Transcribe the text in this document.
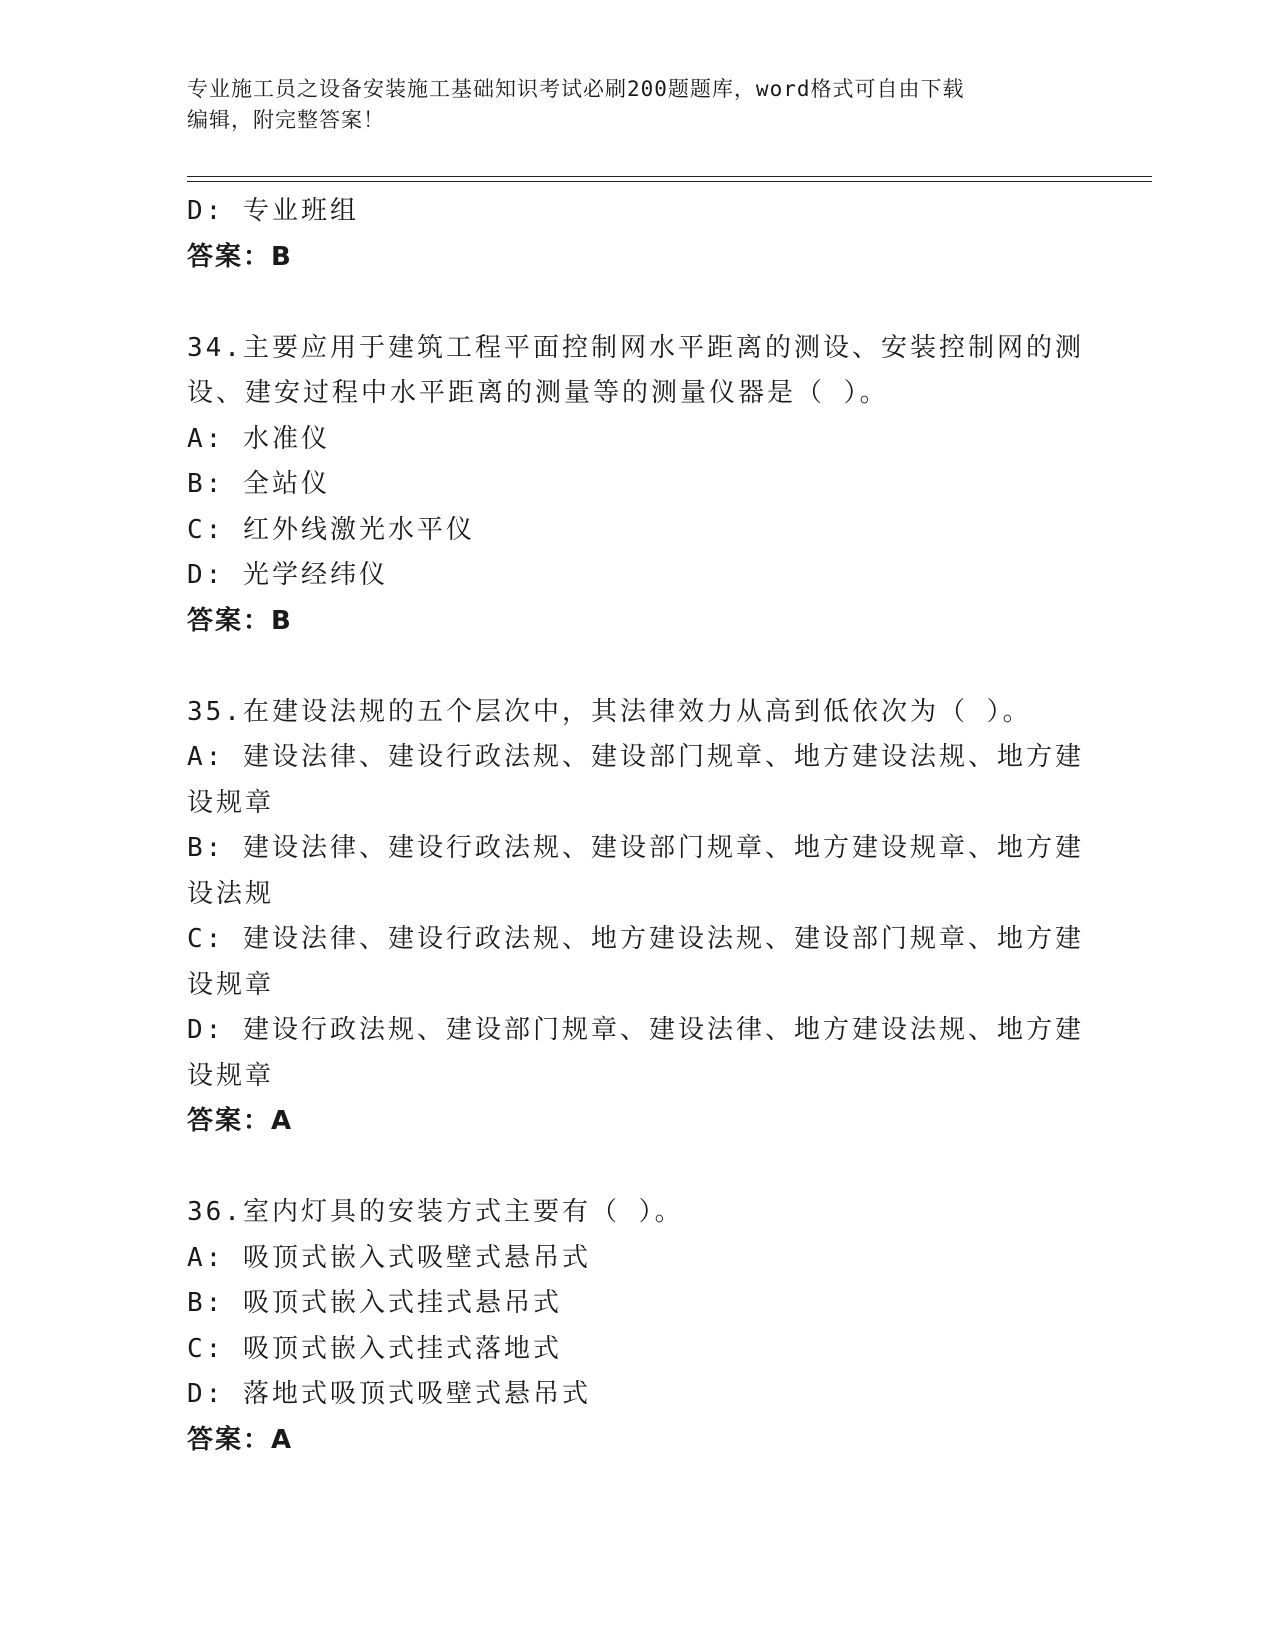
专业施工员之设备安装施工基础知识考试必刷200题题库，word格式可自由下载
编辑，附完整答案！

D: 专业班组

答案：B

34.主要应用于建筑工程平面控制网水平距离的测设、安装控制网的测

设、建安过程中水平距离的测量等的测量仪器是（ ）。

A: 水准仪

B: 全站仪

C: 红外线激光水平仪

D: 光学经纬仪

答案：B

35.在建设法规的五个层次中，其法律效力从高到低依次为（ ）。

A: 建设法律、建设行政法规、建设部门规章、地方建设法规、地方建

设规章

B: 建设法律、建设行政法规、建设部门规章、地方建设规章、地方建

设法规

C: 建设法律、建设行政法规、地方建设法规、建设部门规章、地方建

设规章

D: 建设行政法规、建设部门规章、建设法律、地方建设法规、地方建

设规章

答案：A

36.室内灯具的安装方式主要有（ ）。

A: 吸顶式嵌入式吸壁式悬吊式

B: 吸顶式嵌入式挂式悬吊式

C: 吸顶式嵌入式挂式落地式

D: 落地式吸顶式吸壁式悬吊式

答案：A
